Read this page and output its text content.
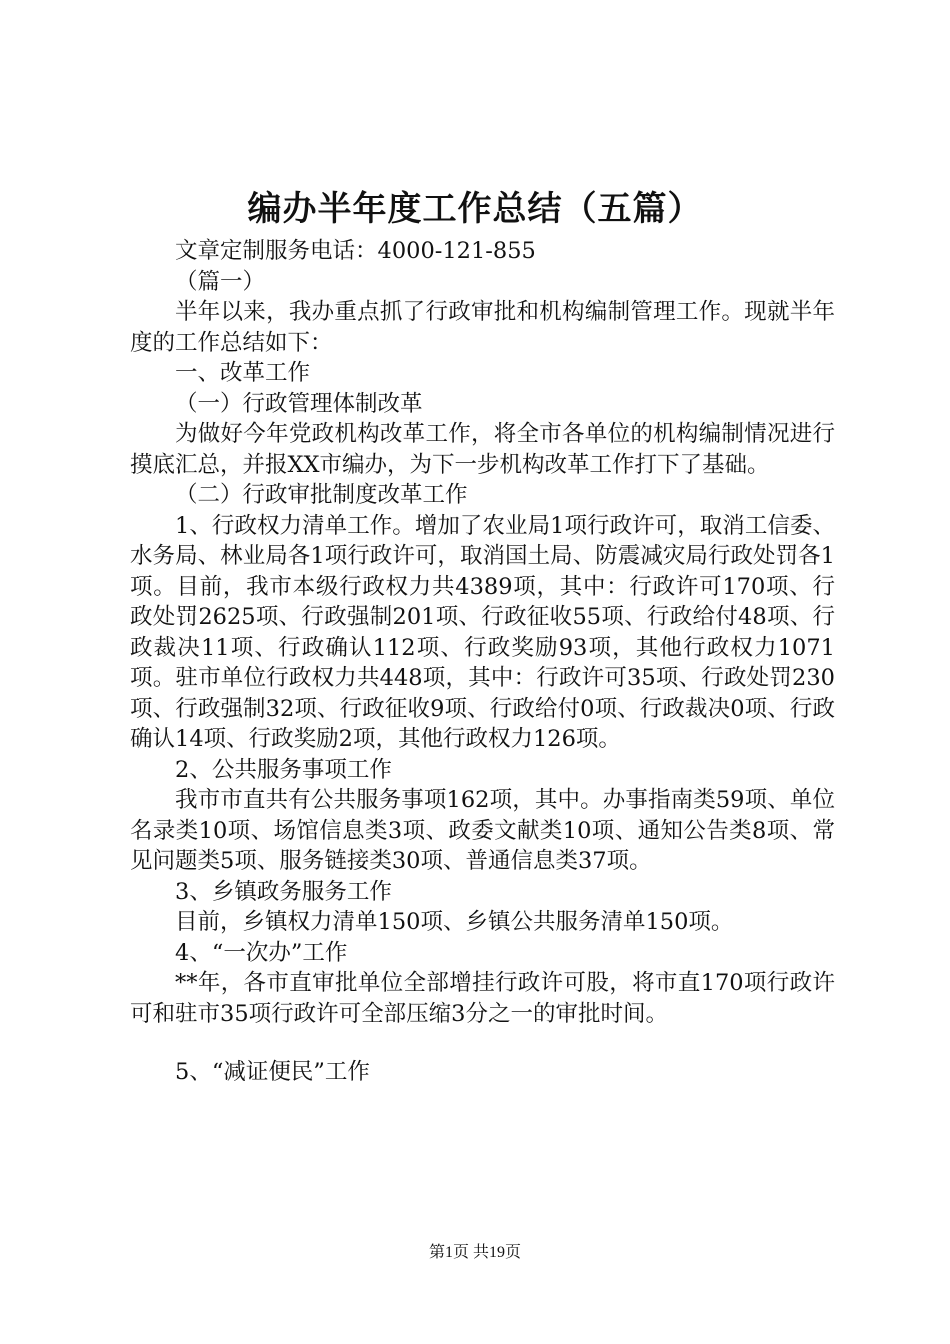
编办半年度工作总结（五篇）

文章定制服务电话：4000-121-855

（篇一）

半年以来，我办重点抓了行政审批和机构编制管理工作。现就半年度的工作总结如下：

一、改革工作

（一）行政管理体制改革

为做好今年党政机构改革工作，将全市各单位的机构编制情况进行摸底汇总，并报XX市编办，为下一步机构改革工作打下了基础。

（二）行政审批制度改革工作

1、行政权力清单工作。增加了农业局1项行政许可，取消工信委、水务局、林业局各1项行政许可，取消国土局、防震减灾局行政处罚各1项。目前，我市本级行政权力共4389项，其中：行政许可170项、行政处罚2625项、行政强制201项、行政征收55项、行政给付48项、行政裁决11项、行政确认112项、行政奖励93项，其他行政权力1071项。驻市单位行政权力共448项，其中：行政许可35项、行政处罚230项、行政强制32项、行政征收9项、行政给付0项、行政裁决0项、行政确认14项、行政奖励2项，其他行政权力126项。

2、公共服务事项工作

我市市直共有公共服务事项162项，其中。办事指南类59项、单位名录类10项、场馆信息类3项、政委文献类10项、通知公告类8项、常见问题类5项、服务链接类30项、普通信息类37项。

3、乡镇政务服务工作

目前，乡镇权力清单150项、乡镇公共服务清单150项。

4、“一次办”工作

**年，各市直审批单位全部增挂行政许可股，将市直170项行政许可和驻市35项行政许可全部压缩3分之一的审批时间。

5、“减证便民”工作

第1页 共19页
